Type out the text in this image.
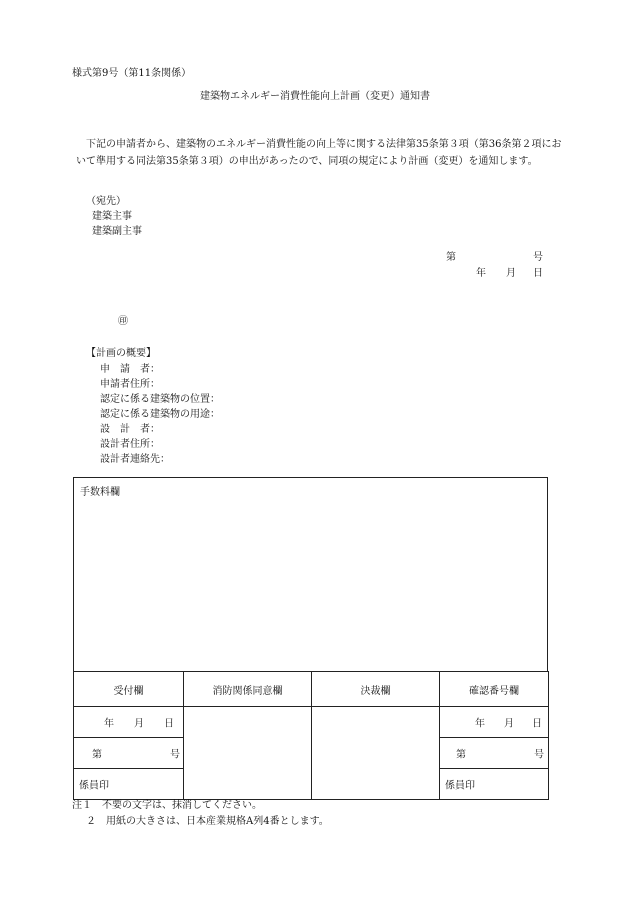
様式第9号（第11条関係）
建築物エネルギー消費性能向上計画（変更）通知書
下記の申請者から、建築物のエネルギー消費性能の向上等に関する法律第35条第３項（第36条第２項において準用する同法第35条第３項）の申出があったので、同項の規定により計画（変更）を通知します。
（宛先）
建築主事
建築副主事
第	号
年 月 日
㊞
【計画の概要】
申　請　者：
申請者住所：
認定に係る建築物の位置：
認定に係る建築物の用途：
設　計　者：
設計者住所：
設計者連絡先：
手数料欄
受付欄	消防関係同意欄	決裁欄	確認番号欄

年 月 日			年 月 日

第 号			第 号

係員印			係員印
注１　不要の文字は、抹消してください。
２　用紙の大きさは、日本産業規格A列4番とします。
